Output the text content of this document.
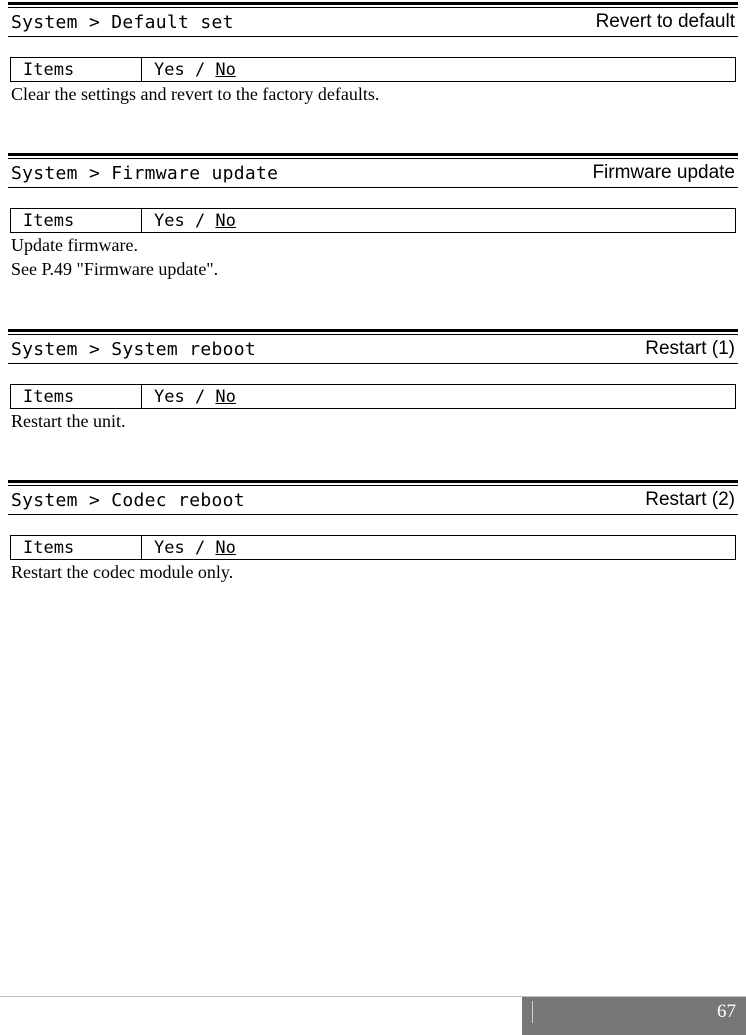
System > Default set	Revert to default
Items	Yes / No
Clear the settings and revert to the factory defaults.
System > Firmware update	Firmware update
Items	Yes / No
Update firmware.
See P.49 "Firmware update".
System > System reboot	Restart (1)
Items	Yes / No
Restart the unit.
System > Codec reboot	Restart (2)
Items	Yes / No
Restart the codec module only.
67
